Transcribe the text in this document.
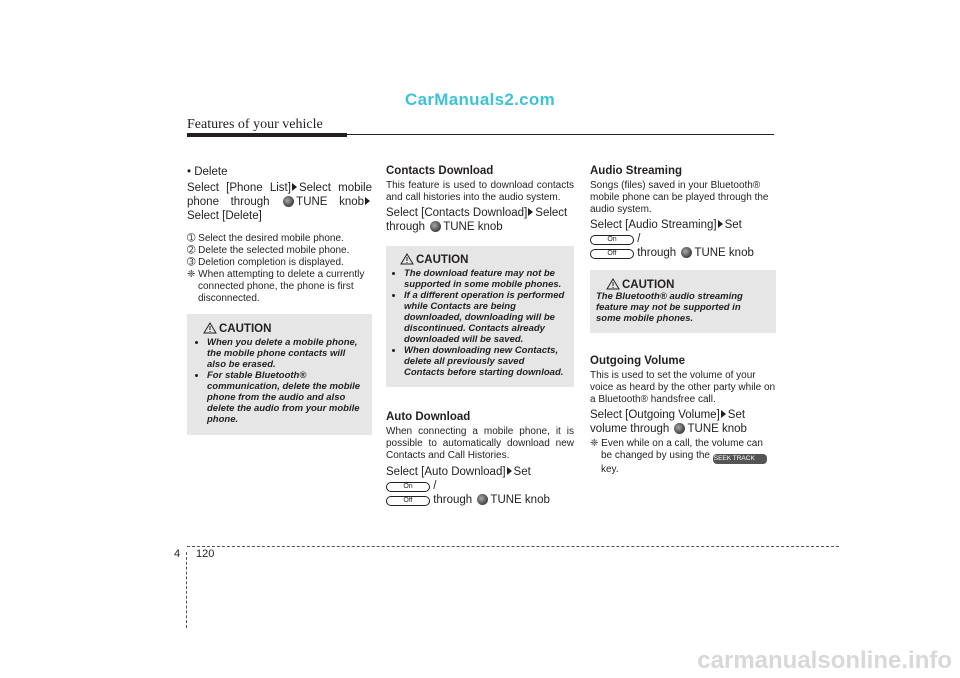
CarManuals2.com
Features of your vehicle

• Delete

Select [Phone List] Select mobile phone through TUNE knobSelect [Delete]

➀ Select the desired mobile phone.

➁ Delete the selected mobile phone.

➂ Deletion completion is displayed.

❈ When attempting to delete a currently connected phone, the phone is first disconnected.

CAUTION
• When you delete a mobile phone, the mobile phone contacts will also be erased.
• For stable Bluetooth® communication, delete the mobile phone from the audio and also delete the audio from your mobile phone.

Contacts Download

This feature is used to download contacts and call histories into the audio system.

Select [Contacts Download] Select through TUNE knob

CAUTION
• The download feature may not be supported in some mobile phones.
• If a different operation is performed while Contacts are being downloaded, downloading will be discontinued. Contacts already downloaded will be saved.
• When downloading new Contacts, delete all previously saved Contacts before starting download.

Auto Download

When connecting a mobile phone, it is possible to automatically download new Contacts and Call Histories.

Select [Auto Download] Set On /
Off through TUNE knob

Audio Streaming

Songs (files) saved in your Bluetooth® mobile phone can be played through the audio system.

Select [Audio Streaming] Set On /
Off through TUNE knob

CAUTION

The Bluetooth® audio streaming feature may not be supported in some mobile phones.

Outgoing Volume

This is used to set the volume of your voice as heard by the other party while on a Bluetooth® handsfree call.

Select [Outgoing Volume] Set volume through TUNE knob

❈ Even while on a call, the volume can be changed by using the SEEK TRACK key.

4 120
carmanualsonline.info
